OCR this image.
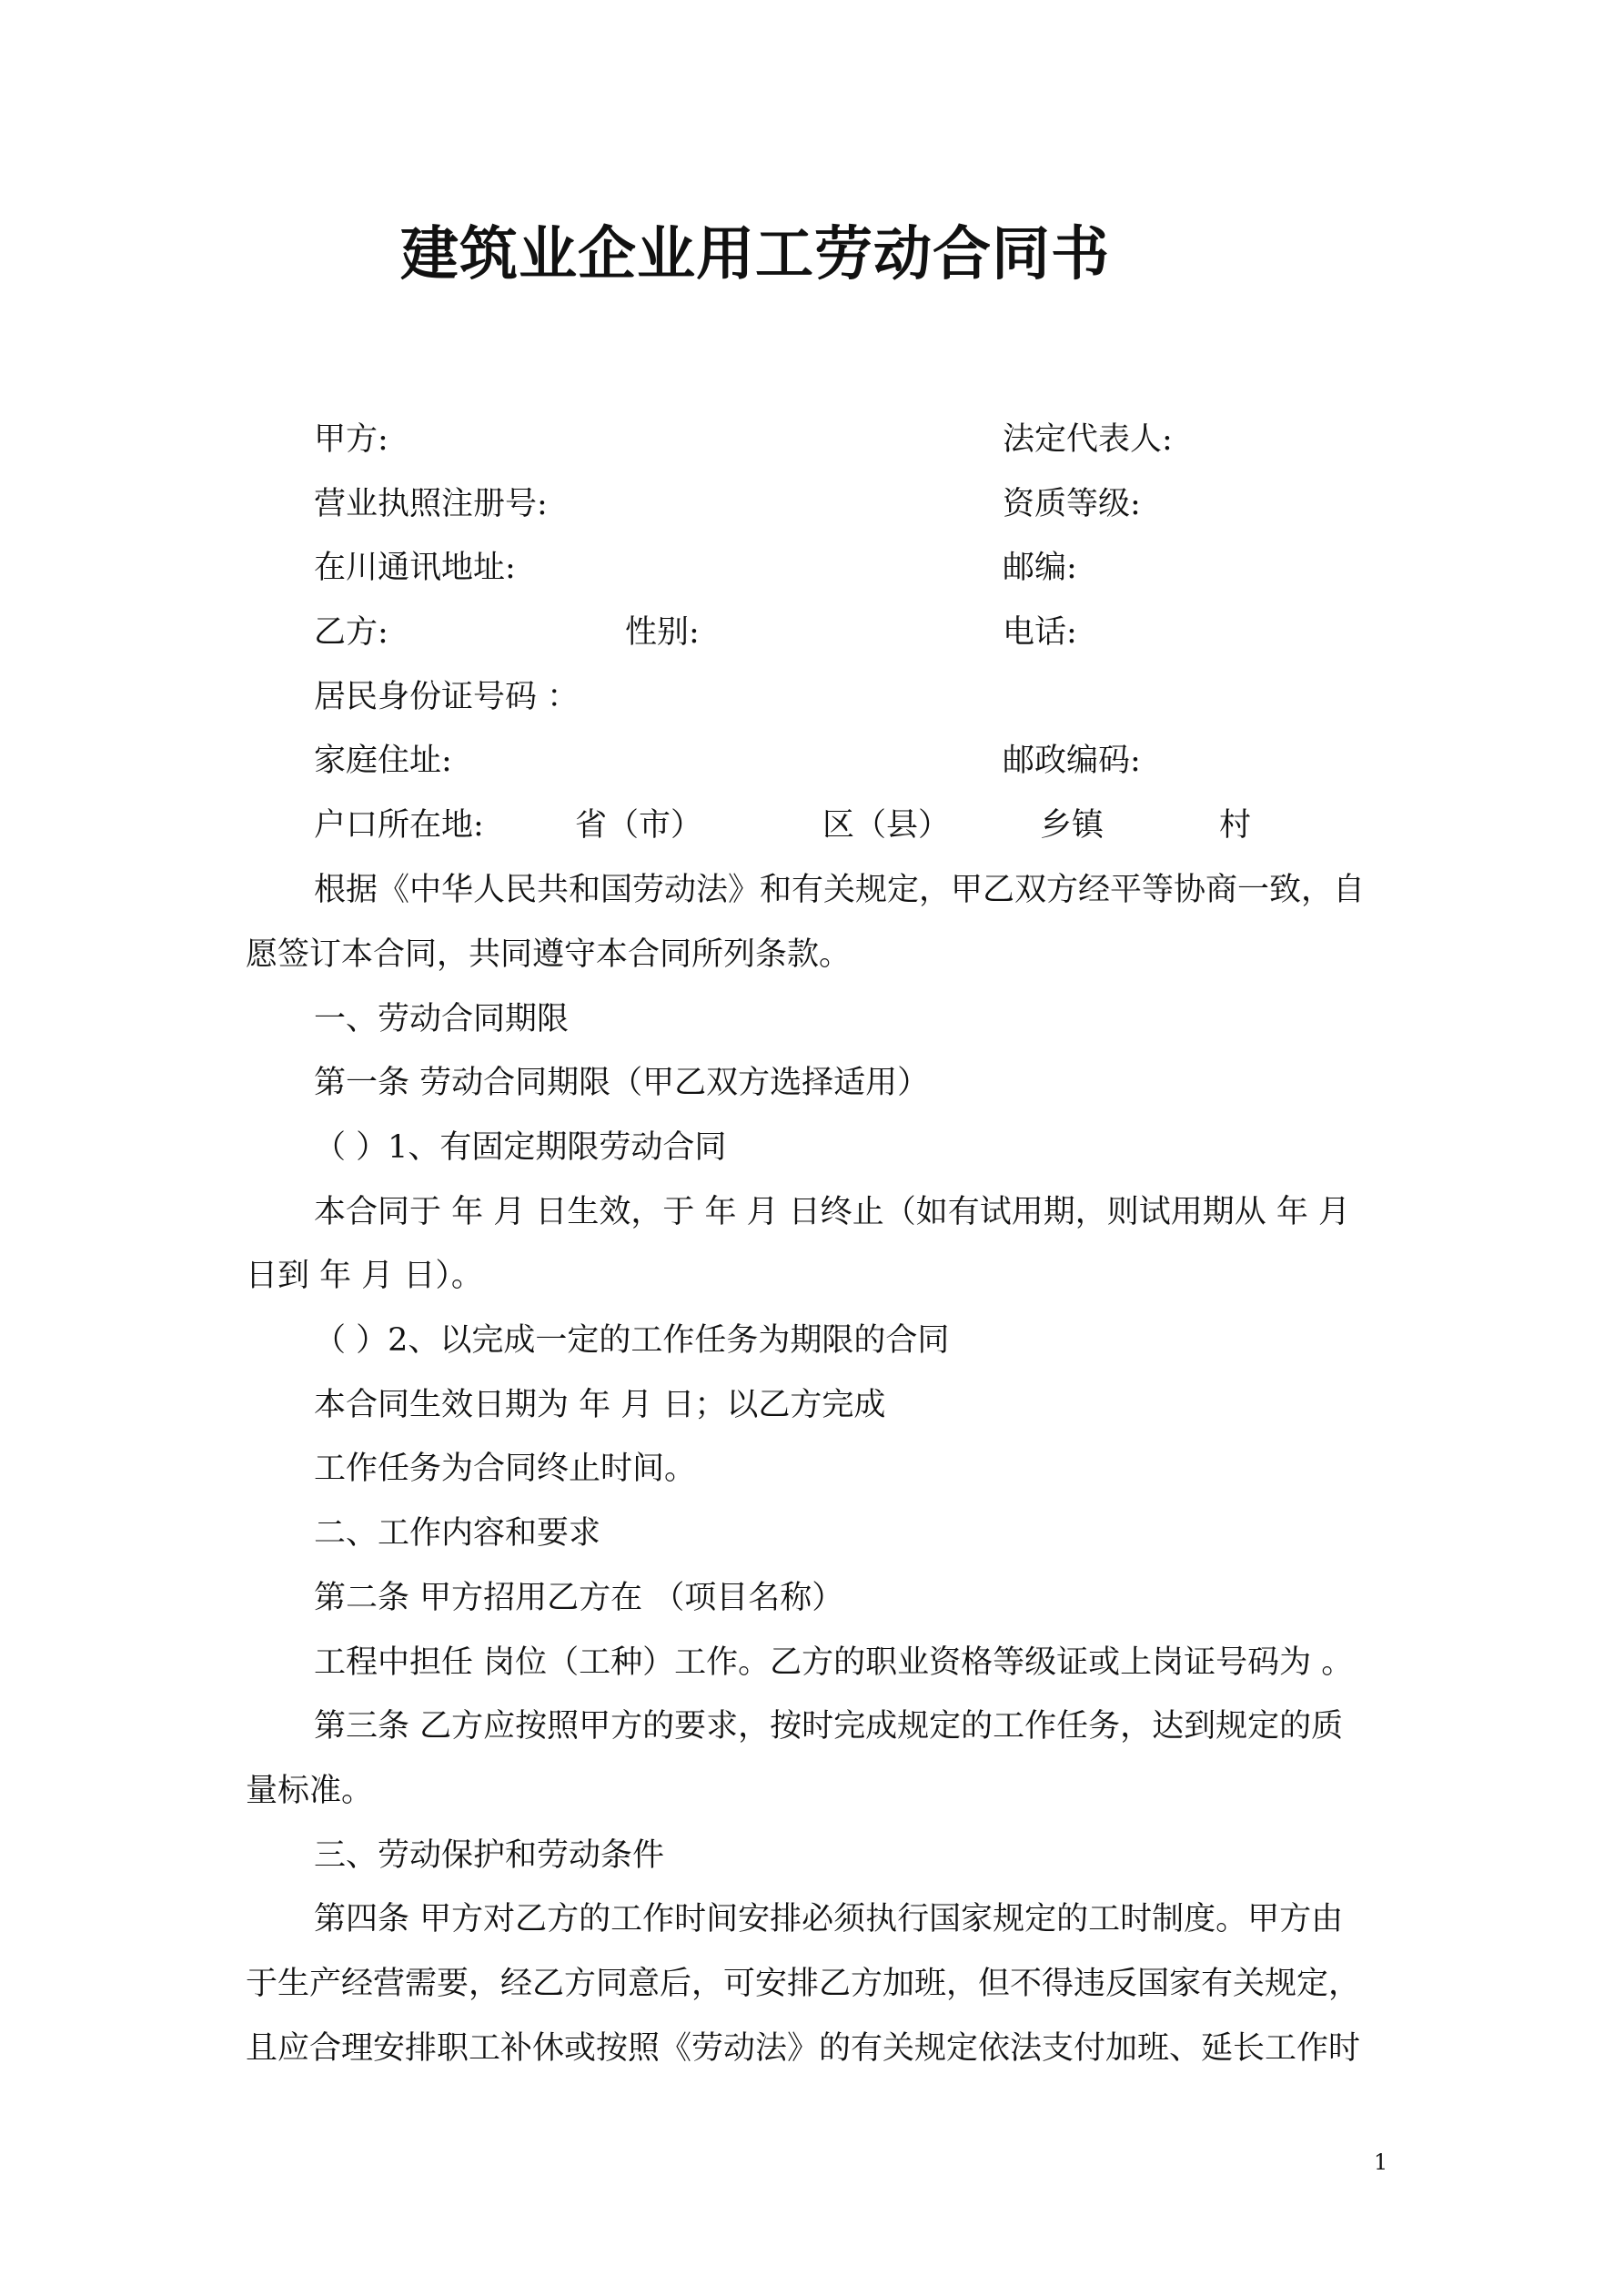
建筑业企业用工劳动合同书
甲方:	法定代表人:
营业执照注册号:	资质等级:
在川通讯地址:	邮编:
乙方:	性别:	电话:
居民身份证号码 ：
家庭住址:	邮政编码:
户口所在地:	省（市）	区（县）	乡镇	村
根据《中华人民共和国劳动法》和有关规定，甲乙双方经平等协商一致，自
愿签订本合同，共同遵守本合同所列条款。
一、劳动合同期限
第一条 劳动合同期限（甲乙双方选择适用）
（ ）1、有固定期限劳动合同
本合同于 年 月 日生效，于 年 月 日终止（如有试用期，则试用期从 年 月
日到 年 月 日）。
（ ）2、以完成一定的工作任务为期限的合同
本合同生效日期为 年 月 日；以乙方完成
工作任务为合同终止时间。
二、工作内容和要求
第二条 甲方招用乙方在 （项目名称）
工程中担任 岗位（工种）工作。乙方的职业资格等级证或上岗证号码为 。
第三条 乙方应按照甲方的要求，按时完成规定的工作任务，达到规定的质
量标准。
三、劳动保护和劳动条件
第四条 甲方对乙方的工作时间安排必须执行国家规定的工时制度。甲方由
于生产经营需要，经乙方同意后，可安排乙方加班，但不得违反国家有关规定，
且应合理安排职工补休或按照《劳动法》的有关规定依法支付加班、延长工作时
1
